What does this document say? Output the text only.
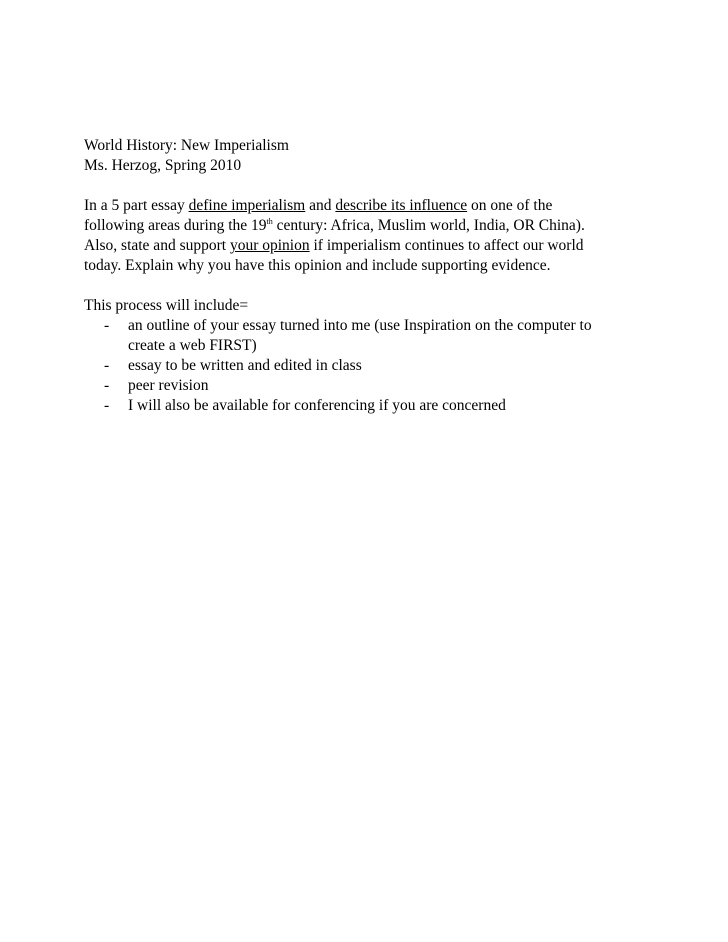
World History: New Imperialism
Ms. Herzog, Spring 2010
In a 5 part essay define imperialism and describe its influence on one of the
following areas during the 19th century: Africa, Muslim world, India, OR China).
Also, state and support your opinion if imperialism continues to affect our world
today. Explain why you have this opinion and include supporting evidence.
This process will include=
- an outline of your essay turned into me (use Inspiration on the computer to
create a web FIRST)
- essay to be written and edited in class
- peer revision
- I will also be available for conferencing if you are concerned
